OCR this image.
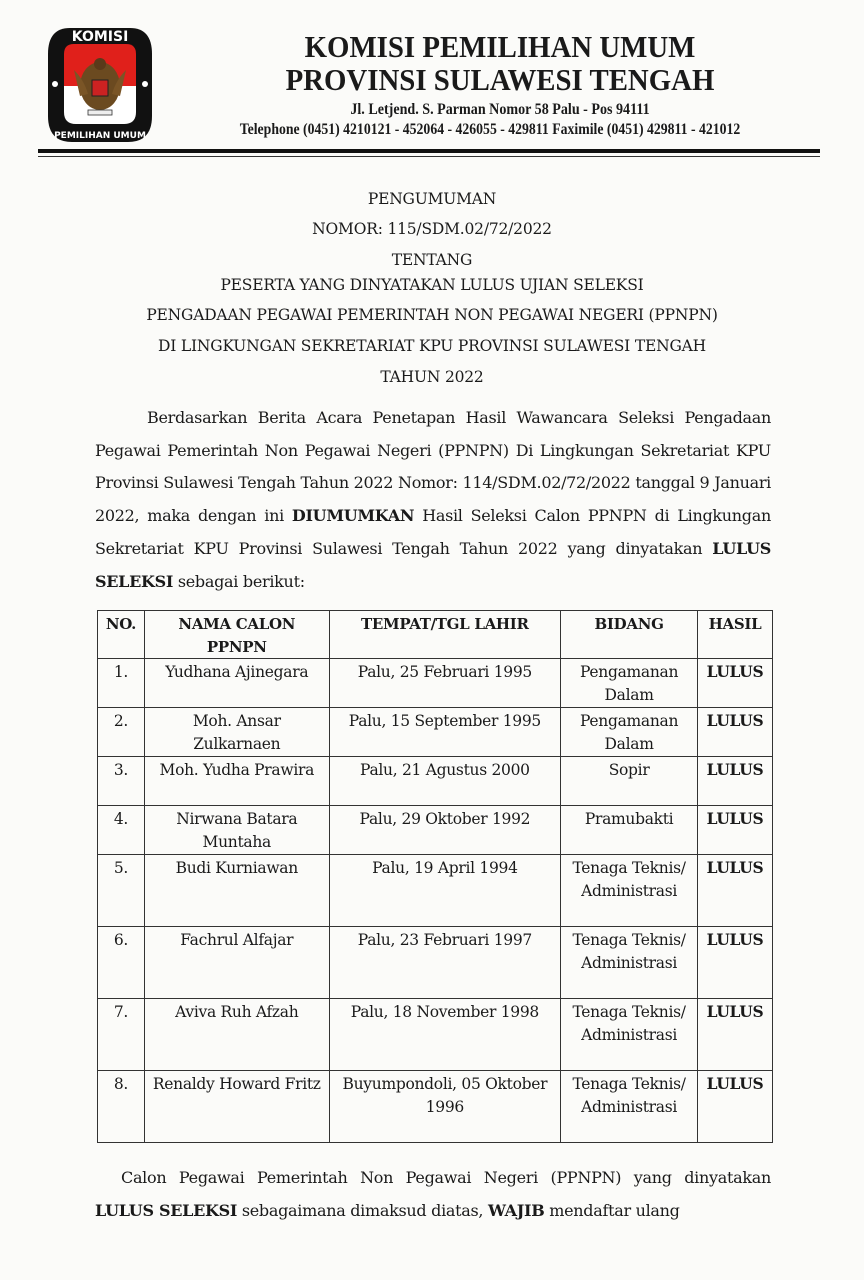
KOMISI
PEMILIHAN UMUM
KOMISI PEMILIHAN UMUM
PROVINSI SULAWESI TENGAH
Jl. Letjend. S. Parman Nomor 58 Palu - Pos 94111
Telephone (0451) 4210121 - 452064 - 426055 - 429811 Faximile (0451) 429811 - 421012
PENGUMUMAN
NOMOR: 115/SDM.02/72/2022
TENTANG
PESERTA YANG DINYATAKAN LULUS UJIAN SELEKSI
PENGADAAN PEGAWAI PEMERINTAH NON PEGAWAI NEGERI (PPNPN)
DI LINGKUNGAN SEKRETARIAT KPU PROVINSI SULAWESI TENGAH
TAHUN 2022
Berdasarkan Berita Acara Penetapan Hasil Wawancara Seleksi Pengadaan Pegawai Pemerintah Non Pegawai Negeri (PPNPN) Di Lingkungan Sekretariat KPU Provinsi Sulawesi Tengah Tahun 2022 Nomor: 114/SDM.02/72/2022 tanggal 9 Januari 2022, maka dengan ini DIUMUMKAN Hasil Seleksi Calon PPNPN di Lingkungan Sekretariat KPU Provinsi Sulawesi Tengah Tahun 2022 yang dinyatakan LULUS SELEKSI sebagai berikut:
NO.	NAMA CALON PPNPN	TEMPAT/TGL LAHIR	BIDANG	HASIL
1.	Yudhana Ajinegara	Palu, 25 Februari 1995	Pengamanan Dalam	LULUS
2.	Moh. Ansar Zulkarnaen	Palu, 15 September 1995	Pengamanan Dalam	LULUS
3.	Moh. Yudha Prawira	Palu, 21 Agustus 2000	Sopir	LULUS
4.	Nirwana Batara Muntaha	Palu, 29 Oktober 1992	Pramubakti	LULUS
5.	Budi Kurniawan	Palu, 19 April 1994	Tenaga Teknis/ Administrasi	LULUS
6.	Fachrul Alfajar	Palu, 23 Februari 1997	Tenaga Teknis/ Administrasi	LULUS
7.	Aviva Ruh Afzah	Palu, 18 November 1998	Tenaga Teknis/ Administrasi	LULUS
8.	Renaldy Howard Fritz	Buyumpondoli, 05 Oktober 1996	Tenaga Teknis/ Administrasi	LULUS
Calon Pegawai Pemerintah Non Pegawai Negeri (PPNPN) yang dinyatakan LULUS SELEKSI sebagaimana dimaksud diatas, WAJIB mendaftar ulang
